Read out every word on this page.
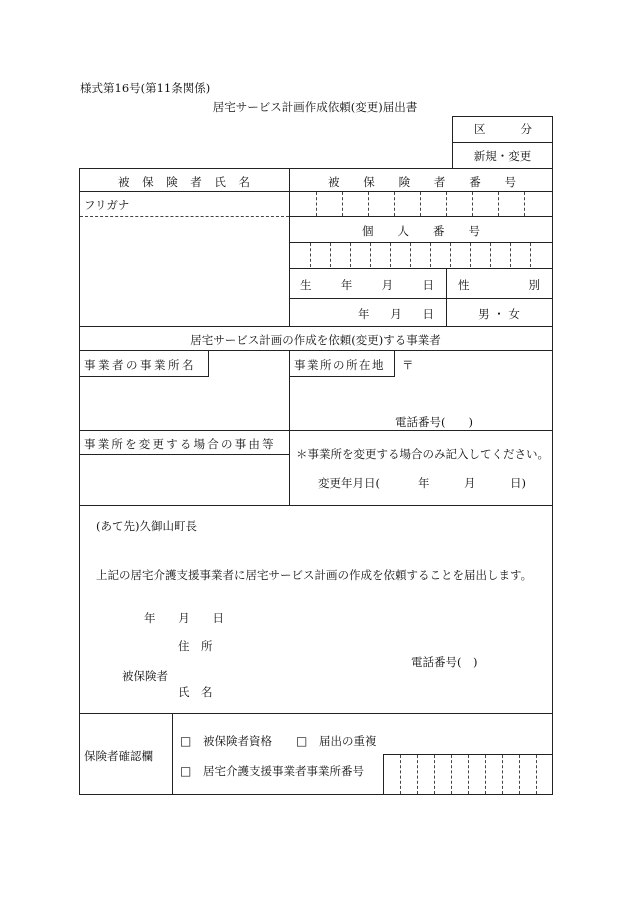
様式第16号(第11条関係)
居宅サービス計画作成依頼(変更)届出書
区	分
新規・変更
被 保 険 者 氏 名	被 保 険 者 番 号
フリガナ
個 人 番 号
生	年	月	日 性	別
年 月 日	男 ・ 女
居宅サービス計画の作成を依頼(変更)する事業者
事業者の事業所名	事業所の所在地 〒
電話番号(　　)
事業所を変更する場合の事由等
＊事業所を変更する場合のみ記入してください。
変更年月日(	年	月	日)
(あて先)久御山町長
上記の居宅介護支援事業者に居宅サービス計画の作成を依頼することを届出します。
年 月 日
住　所
被保険者
氏　名
電話番号(　)
保険者確認欄
□ 被保険者資格 □ 届出の重複
□ 居宅介護支援事業者事業所番号
